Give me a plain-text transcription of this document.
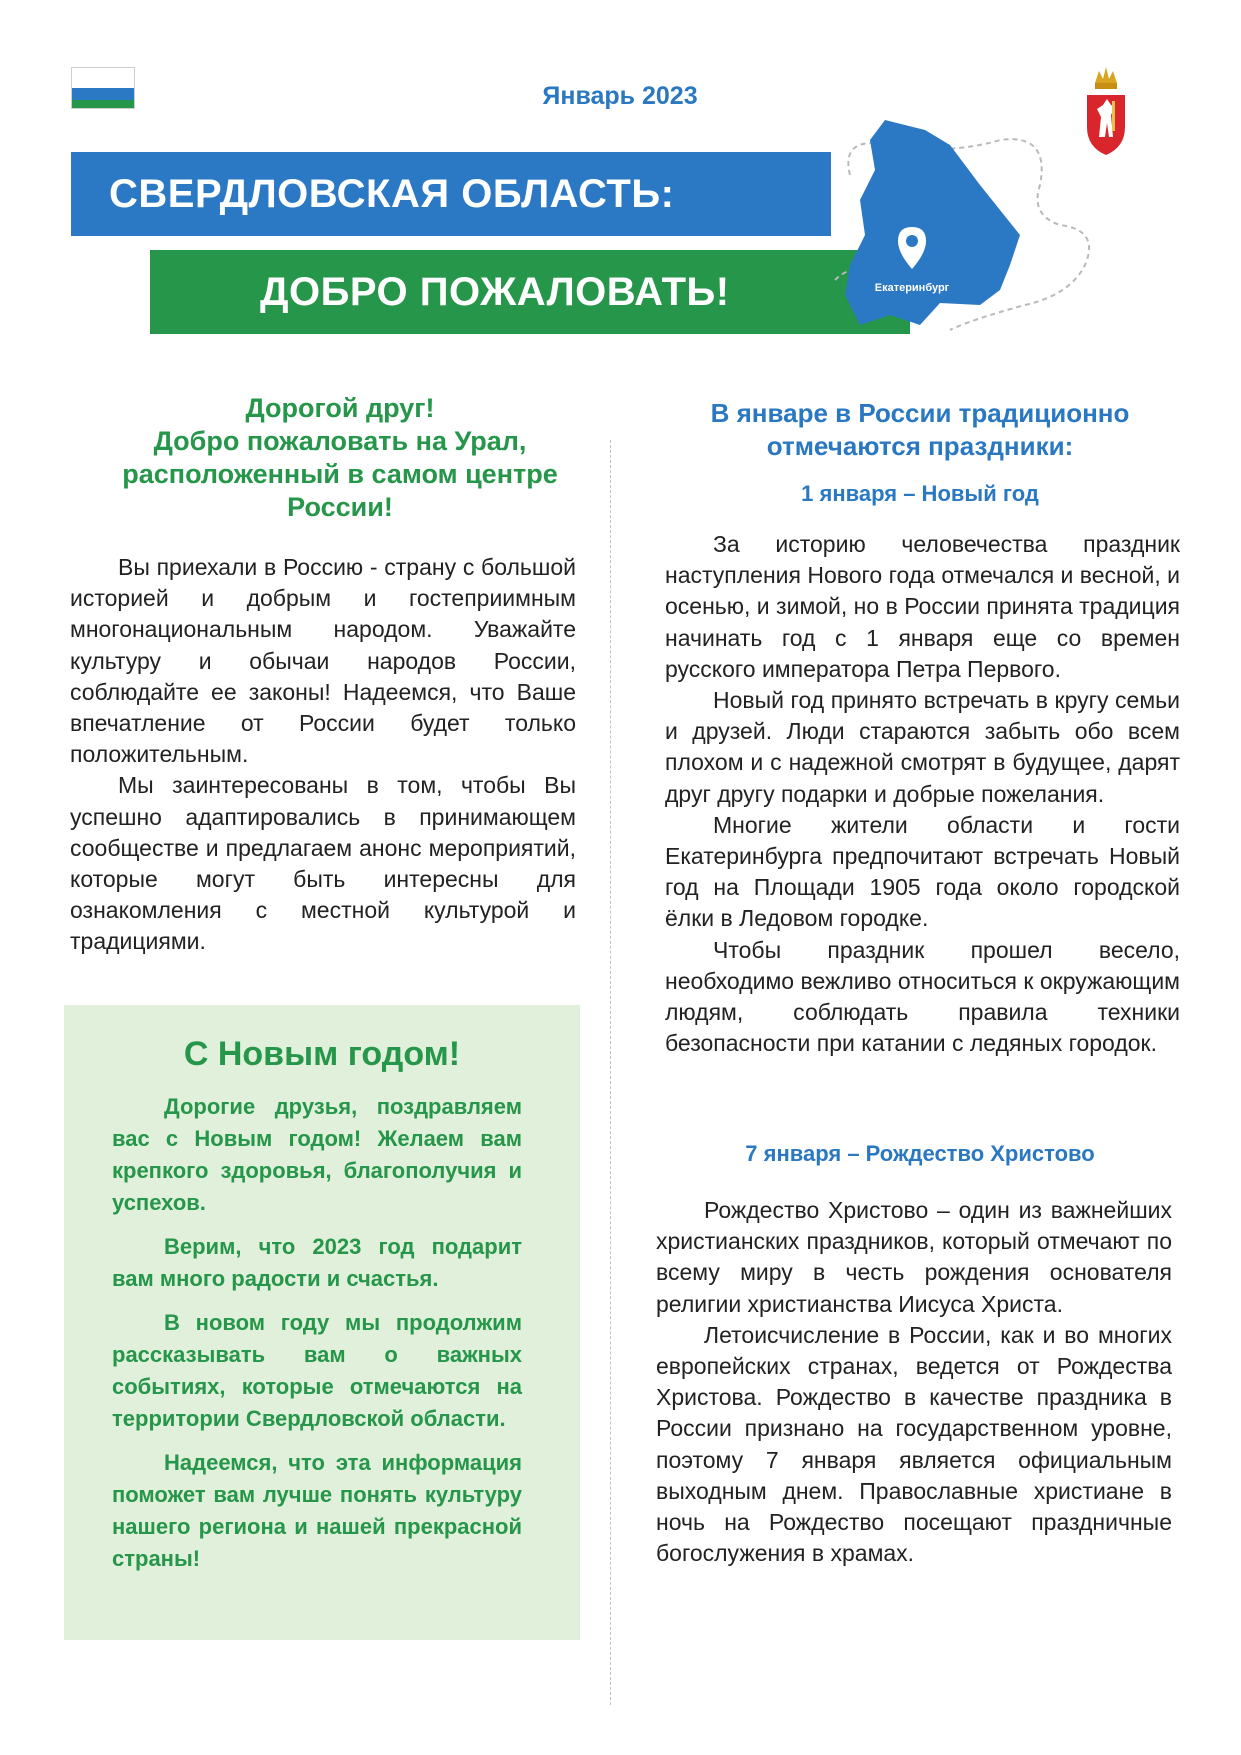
Январь 2023
СВЕРДЛОВСКАЯ ОБЛАСТЬ:
ДОБРО ПОЖАЛОВАТЬ!	Екатеринбург
Дорогой друг!
Добро пожаловать на Урал,
расположенный в самом центре
России!

Вы приехали в Россию - страну с большой историей и добрым и гостеприимным многонациональным народом. Уважайте культуру и обычаи народов России, соблюдайте ее законы! Надеемся, что Ваше впечатление от России будет только положительным.

Мы заинтересованы в том, чтобы Вы успешно адаптировались в принимающем сообществе и предлагаем анонс мероприятий, которые могут быть интересны для ознакомления с местной культурой и традициями.

С Новым годом!

Дорогие друзья, поздравляем вас с Новым годом! Желаем вам крепкого здоровья, благополучия и успехов.

Верим, что 2023 год подарит вам много радости и счастья.

В новом году мы продолжим рассказывать вам о важных событиях, которые отмечаются на территории Свердловской области.

Надеемся, что эта информация поможет вам лучше понять культуру нашего региона и нашей прекрасной страны!

В январе в России традиционно
отмечаются праздники:
1 января – Новый год

За историю человечества праздник наступления Нового года отмечался и весной, и осенью, и зимой, но в России принята традиция начинать год с 1 января еще со времен русского императора Петра Первого.

Новый год принято встречать в кругу семьи и друзей. Люди стараются забыть обо всем плохом и с надежной смотрят в будущее, дарят друг другу подарки и добрые пожелания.

Многие жители области и гости Екатеринбурга предпочитают встречать Новый год на Площади 1905 года около городской ёлки в Ледовом городке.

Чтобы праздник прошел весело, необходимо вежливо относиться к окружающим людям, соблюдать правила техники безопасности при катании с ледяных городок.

7 января – Рождество Христово

Рождество Христово – один из важнейших христианских праздников, который отмечают по всему миру в честь рождения основателя религии христианства Иисуса Христа.

Летоисчисление в России, как и во многих европейских странах, ведется от Рождества Христова. Рождество в качестве праздника в России признано на государственном уровне, поэтому 7 января является официальным выходным днем. Православные христиане в ночь на Рождество посещают праздничные богослужения в храмах.
